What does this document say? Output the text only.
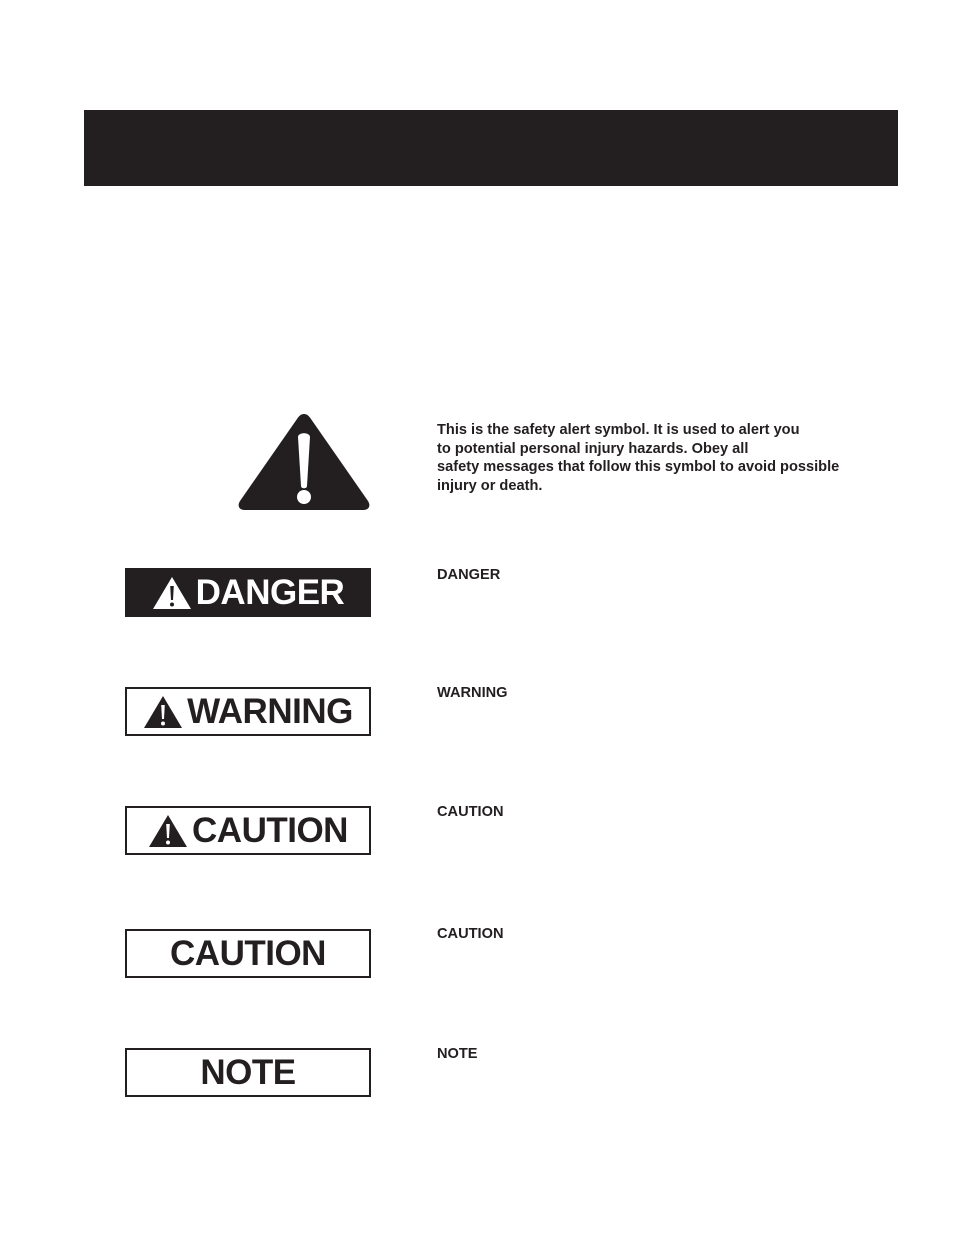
This is the safety alert symbol. It is used to alert you
to potential personal injury hazards. Obey all
safety messages that follow this symbol to avoid possible
injury or death.
DANGER	DANGER
WARNING	WARNING
CAUTION	CAUTION
CAUTION	CAUTION
NOTE	NOTE
